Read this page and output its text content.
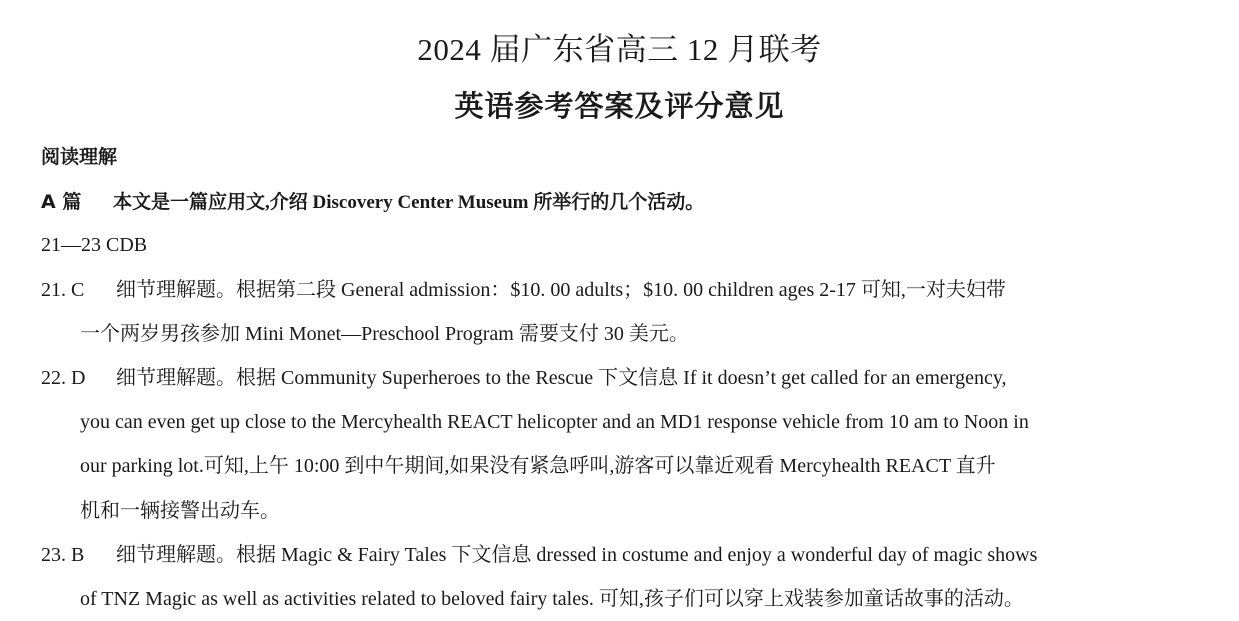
2024 届广东省高三 12 月联考
英语参考答案及评分意见
阅读理解
A 篇 本文是一篇应用文,介绍 Discovery Center Museum 所举行的几个活动。
21—23 CDB
21. C 细节理解题。根据第二段 General admission：$10. 00 adults；$10. 00 children ages 2-17 可知,一对夫妇带
一个两岁男孩参加 Mini Monet—Preschool Program 需要支付 30 美元。
22. D 细节理解题。根据 Community Superheroes to the Rescue 下文信息 If it doesn’t get called for an emergency,
you can even get up close to the Mercyhealth REACT helicopter and an MD1 response vehicle from 10 am to Noon in
our parking lot.可知,上午 10:00 到中午期间,如果没有紧急呼叫,游客可以靠近观看 Mercyhealth REACT 直升
机和一辆接警出动车。
23. B 细节理解题。根据 Magic & Fairy Tales 下文信息 dressed in costume and enjoy a wonderful day of magic shows
of TNZ Magic as well as activities related to beloved fairy tales. 可知,孩子们可以穿上戏装参加童话故事的活动。
